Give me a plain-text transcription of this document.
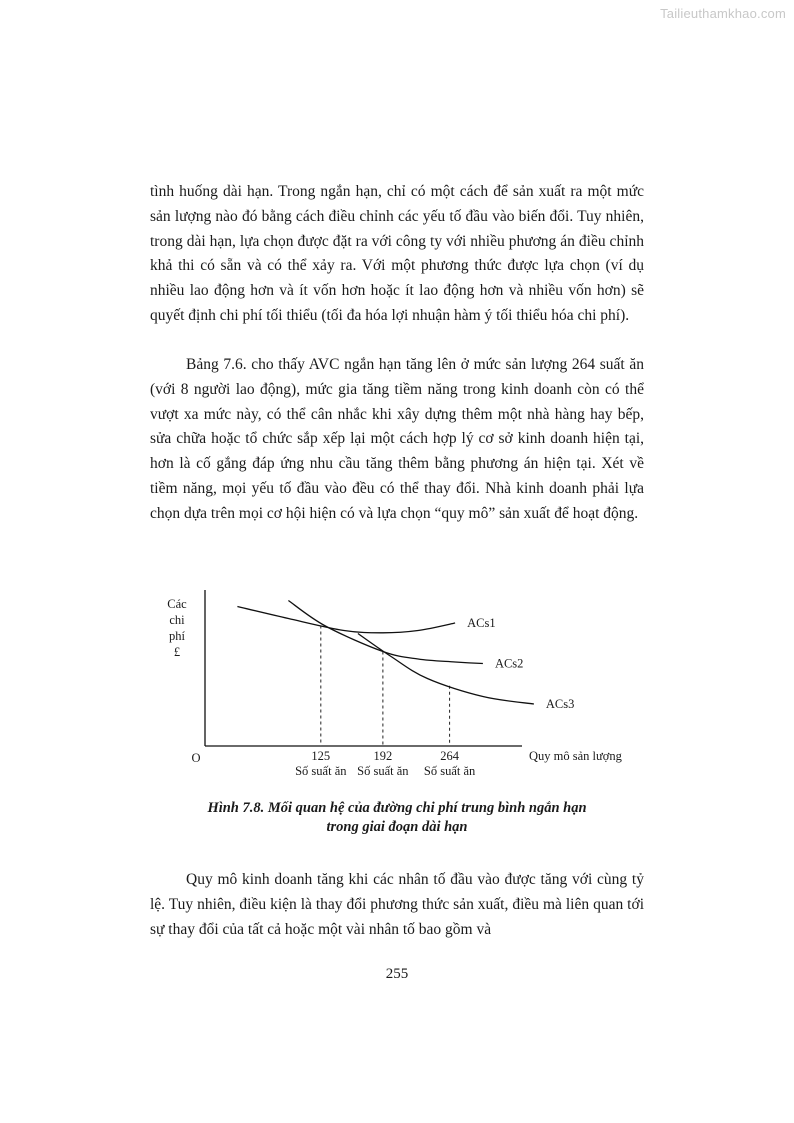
Tailieuthamkhao.com

tình huống dài hạn. Trong ngắn hạn, chỉ có một cách để sản xuất ra một mức sản lượng nào đó bằng cách điều chỉnh các yếu tố đầu vào biến đổi. Tuy nhiên, trong dài hạn, lựa chọn được đặt ra với công ty với nhiều phương án điều chỉnh khả thi có sẵn và có thể xảy ra. Với một phương thức được lựa chọn (ví dụ nhiều lao động hơn và ít vốn hơn hoặc ít lao động hơn và nhiều vốn hơn) sẽ quyết định chi phí tối thiểu (tối đa hóa lợi nhuận hàm ý tối thiểu hóa chi phí).

Bảng 7.6. cho thấy AVC ngắn hạn tăng lên ở mức sản lượng 264 suất ăn (với 8 người lao động), mức gia tăng tiềm năng trong kinh doanh còn có thể vượt xa mức này, có thể cân nhắc khi xây dựng thêm một nhà hàng hay bếp, sửa chữa hoặc tổ chức sắp xếp lại một cách hợp lý cơ sở kinh doanh hiện tại, hơn là cố gắng đáp ứng nhu cầu tăng thêm bằng phương án hiện tại. Xét về tiềm năng, mọi yếu tố đầu vào đều có thể thay đổi. Nhà kinh doanh phải lựa chọn dựa trên mọi cơ hội hiện có và lựa chọn “quy mô” sản xuất để hoạt động.

Các
chi
phí
£
O	Quy mô sản lượng
125
Số suất ăn
192
Số suất ăn
264
Số suất ăn
ACs1
ACs2
ACs3
Hình 7.8. Mối quan hệ của đường chi phí trung bình ngắn hạn
trong giai đoạn dài hạn

Quy mô kinh doanh tăng khi các nhân tố đầu vào được tăng với cùng tỷ lệ. Tuy nhiên, điều kiện là thay đổi phương thức sản xuất, điều mà liên quan tới sự thay đổi của tất cả hoặc một vài nhân tố bao gồm và

255
